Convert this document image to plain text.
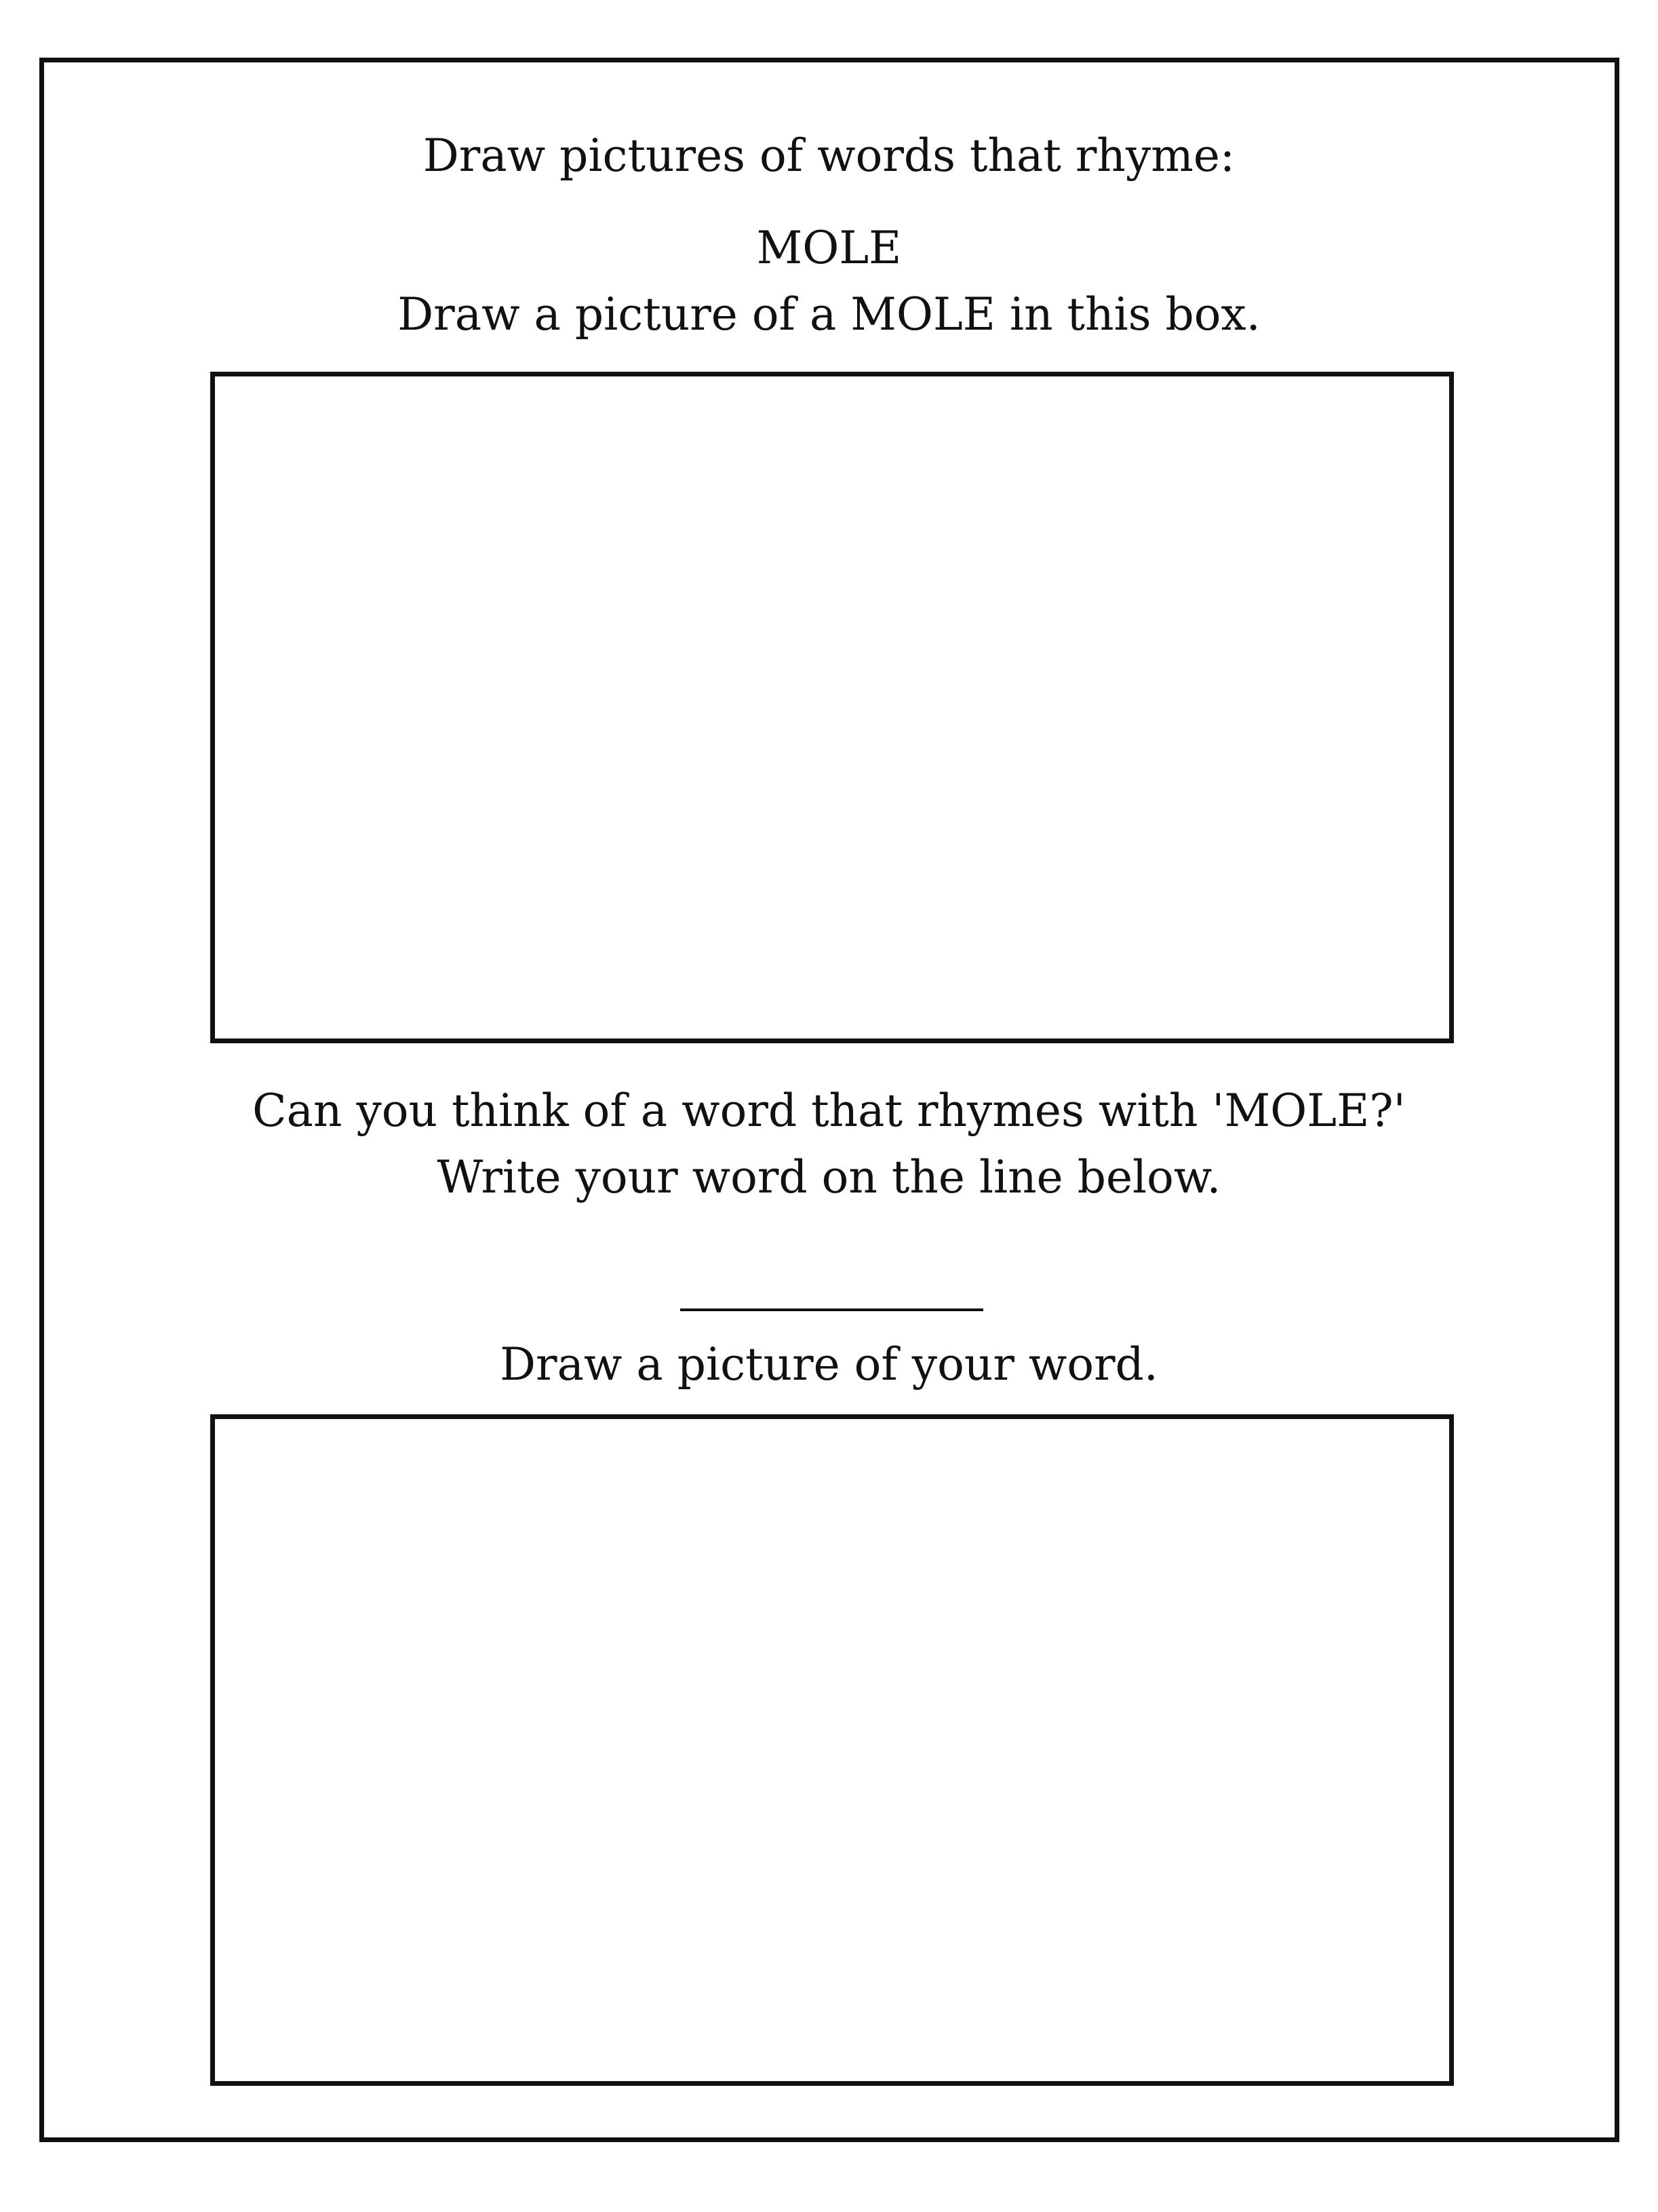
Draw pictures of words that rhyme:
MOLE
Draw a picture of a MOLE in this box.
Can you think of a word that rhymes with 'MOLE?'
Write your word on the line below.
Draw a picture of your word.
